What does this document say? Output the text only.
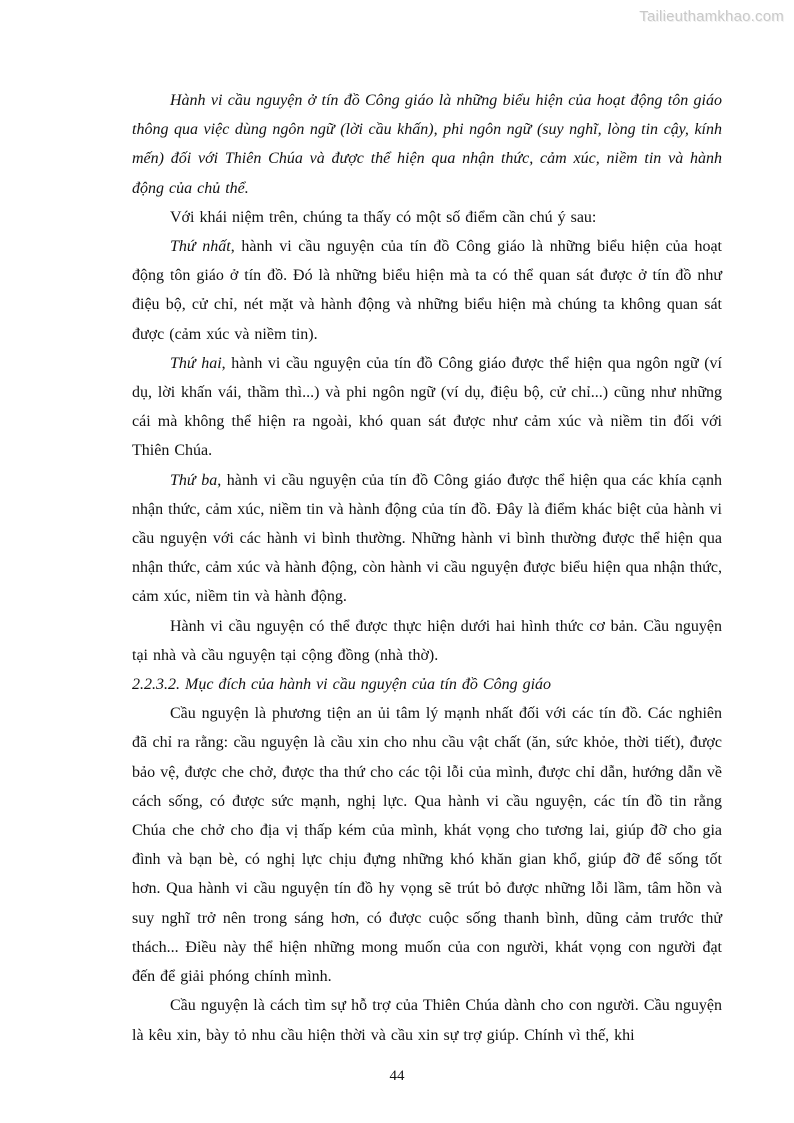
Tailieuthamkhao.com

Hành vi cầu nguyện ở tín đồ Công giáo là những biểu hiện của hoạt động tôn giáo thông qua việc dùng ngôn ngữ (lời cầu khấn), phi ngôn ngữ (suy nghĩ, lòng tin cậy, kính mến) đối với Thiên Chúa và được thể hiện qua nhận thức, cảm xúc, niềm tin và hành động của chủ thể.

Với khái niệm trên, chúng ta thấy có một số điểm cần chú ý sau:

Thứ nhất, hành vi cầu nguyện của tín đồ Công giáo là những biểu hiện của hoạt động tôn giáo ở tín đồ. Đó là những biểu hiện mà ta có thể quan sát được ở tín đồ như điệu bộ, cử chỉ, nét mặt và hành động và những biểu hiện mà chúng ta không quan sát được (cảm xúc và niềm tin).

Thứ hai, hành vi cầu nguyện của tín đồ Công giáo được thể hiện qua ngôn ngữ (ví dụ, lời khấn vái, thầm thì...) và phi ngôn ngữ (ví dụ, điệu bộ, cử chỉ...) cũng như những cái mà không thể hiện ra ngoài, khó quan sát được như cảm xúc và niềm tin đối với Thiên Chúa.

Thứ ba, hành vi cầu nguyện của tín đồ Công giáo được thể hiện qua các khía cạnh nhận thức, cảm xúc, niềm tin và hành động của tín đồ. Đây là điểm khác biệt của hành vi cầu nguyện với các hành vi bình thường. Những hành vi bình thường được thể hiện qua nhận thức, cảm xúc và hành động, còn hành vi cầu nguyện được biểu hiện qua nhận thức, cảm xúc, niềm tin và hành động.

Hành vi cầu nguyện có thể được thực hiện dưới hai hình thức cơ bản. Cầu nguyện tại nhà và cầu nguyện tại cộng đồng (nhà thờ).

2.2.3.2. Mục đích của hành vi cầu nguyện của tín đồ Công giáo

Cầu nguyện là phương tiện an ủi tâm lý mạnh nhất đối với các tín đồ. Các nghiên đã chỉ ra rằng: cầu nguyện là cầu xin cho nhu cầu vật chất (ăn, sức khỏe, thời tiết), được bảo vệ, được che chở, được tha thứ cho các tội lỗi của mình, được chỉ dẫn, hướng dẫn về cách sống, có được sức mạnh, nghị lực. Qua hành vi cầu nguyện, các tín đồ tin rằng Chúa che chở cho địa vị thấp kém của mình, khát vọng cho tương lai, giúp đỡ cho gia đình và bạn bè, có nghị lực chịu đựng những khó khăn gian khổ, giúp đỡ để sống tốt hơn. Qua hành vi cầu nguyện tín đồ hy vọng sẽ trút bỏ được những lỗi lầm, tâm hồn và suy nghĩ trở nên trong sáng hơn, có được cuộc sống thanh bình, dũng cảm trước thử thách... Điều này thể hiện những mong muốn của con người, khát vọng con người đạt đến để giải phóng chính mình.

Cầu nguyện là cách tìm sự hỗ trợ của Thiên Chúa dành cho con người. Cầu nguyện là kêu xin, bày tỏ nhu cầu hiện thời và cầu xin sự trợ giúp. Chính vì thế, khi

44
